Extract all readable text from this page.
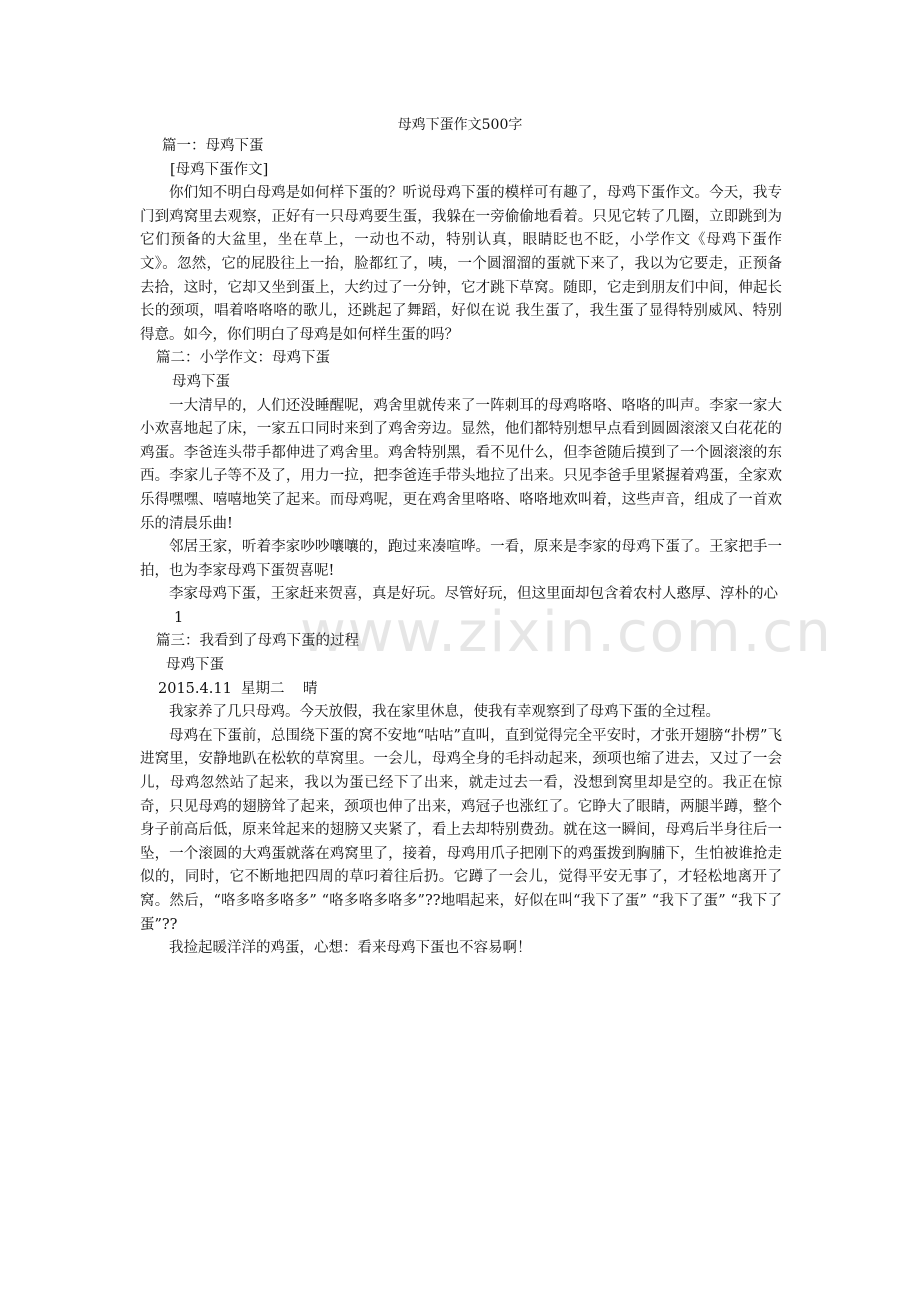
www.zixin.com.cn
母鸡下蛋作文500字

篇一：母鸡下蛋

[母鸡下蛋作文]

你们知不明白母鸡是如何样下蛋的？听说母鸡下蛋的模样可有趣了，母鸡下蛋作文。今天，我专门到鸡窝里去观察，正好有一只母鸡要生蛋，我躲在一旁偷偷地看着。只见它转了几圈，立即跳到为它们预备的大盆里，坐在草上，一动也不动，特别认真，眼睛眨也不眨，小学作文《母鸡下蛋作文》。忽然，它的屁股往上一抬，脸都红了，咦，一个圆溜溜的蛋就下来了，我以为它要走，正预备去拾，这时，它却又坐到蛋上，大约过了一分钟，它才跳下草窝。随即，它走到朋友们中间，伸起长长的颈项，唱着咯咯咯的歌儿，还跳起了舞蹈，好似在说 我生蛋了，我生蛋了显得特别威风、特别得意。如今，你们明白了母鸡是如何样生蛋的吗？

篇二：小学作文：母鸡下蛋

母鸡下蛋

一大清早的，人们还没睡醒呢，鸡舍里就传来了一阵刺耳的母鸡咯咯、咯咯的叫声。李家一家大小欢喜地起了床，一家五口同时来到了鸡舍旁边。显然，他们都特别想早点看到圆圆滚滚又白花花的鸡蛋。李爸连头带手都伸进了鸡舍里。鸡舍特别黑，看不见什么，但李爸随后摸到了一个圆滚滚的东西。李家儿子等不及了，用力一拉，把李爸连手带头地拉了出来。只见李爸手里紧握着鸡蛋，全家欢乐得嘿嘿、嘻嘻地笑了起来。而母鸡呢，更在鸡舍里咯咯、咯咯地欢叫着，这些声音，组成了一首欢乐的清晨乐曲!

邻居王家，听着李家吵吵嚷嚷的，跑过来凑喧哗。一看，原来是李家的母鸡下蛋了。王家把手一拍，也为李家母鸡下蛋贺喜呢!

李家母鸡下蛋，王家赶来贺喜，真是好玩。尽管好玩，但这里面却包含着农村人憨厚、淳朴的心

1

篇三：我看到了母鸡下蛋的过程

母鸡下蛋

2015.4.11  星期二    晴

我家养了几只母鸡。今天放假，我在家里休息，使我有幸观察到了母鸡下蛋的全过程。

母鸡在下蛋前，总围绕下蛋的窝不安地“咕咕”直叫，直到觉得完全平安时，才张开翅膀“扑楞”飞进窝里，安静地趴在松软的草窝里。一会儿，母鸡全身的毛抖动起来，颈项也缩了进去，又过了一会儿，母鸡忽然站了起来，我以为蛋已经下了出来，就走过去一看，没想到窝里却是空的。我正在惊奇，只见母鸡的翅膀耸了起来，颈项也伸了出来，鸡冠子也涨红了。它睁大了眼睛，两腿半蹲，整个身子前高后低，原来耸起来的翅膀又夹紧了，看上去却特别费劲。就在这一瞬间，母鸡后半身往后一坠，一个滚圆的大鸡蛋就落在鸡窝里了，接着，母鸡用爪子把刚下的鸡蛋拨到胸脯下，生怕被谁抢走似的，同时，它不断地把四周的草叼着往后扔。它蹲了一会儿，觉得平安无事了，才轻松地离开了窝。然后，“咯多咯多咯多” “咯多咯多咯多”??地唱起来，好似在叫“我下了蛋” “我下了蛋” “我下了蛋”??

我捡起暖洋洋的鸡蛋，心想：看来母鸡下蛋也不容易啊！
